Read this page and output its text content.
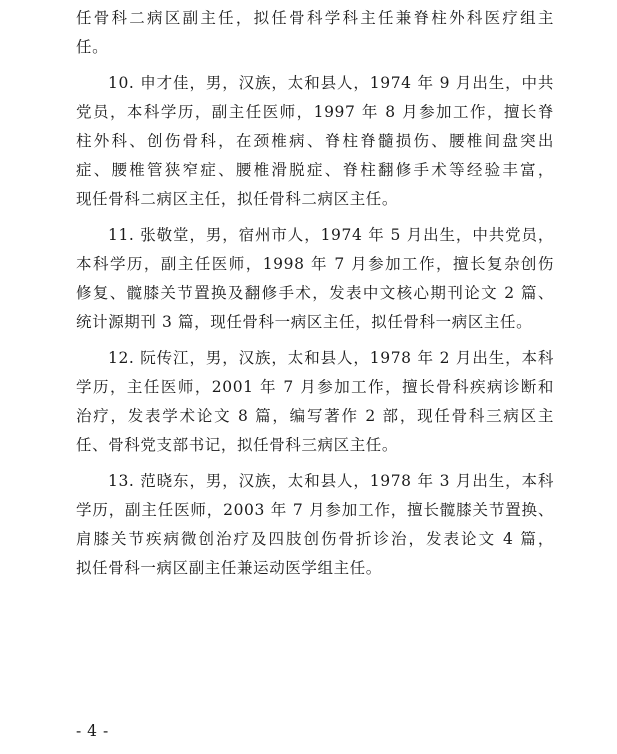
任骨科二病区副主任，拟任骨科学科主任兼脊柱外科医疗组主
任。
10. 申才佳，男，汉族，太和县人，1974 年 9 月出生，中共
党员，本科学历，副主任医师，1997 年 8 月参加工作，擅长脊
柱外科、创伤骨科，在颈椎病、脊柱脊髓损伤、腰椎间盘突出
症、腰椎管狭窄症、腰椎滑脱症、脊柱翻修手术等经验丰富，
现任骨科二病区主任，拟任骨科二病区主任。
11. 张敬堂，男，宿州市人，1974 年 5 月出生，中共党员，
本科学历，副主任医师，1998 年 7 月参加工作，擅长复杂创伤
修复、髋膝关节置换及翻修手术，发表中文核心期刊论文 2 篇、
统计源期刊 3 篇，现任骨科一病区主任，拟任骨科一病区主任。
12. 阮传江，男，汉族，太和县人，1978 年 2 月出生，本科
学历，主任医师，2001 年 7 月参加工作，擅长骨科疾病诊断和
治疗，发表学术论文 8 篇，编写著作 2 部，现任骨科三病区主
任、骨科党支部书记，拟任骨科三病区主任。
13. 范晓东，男，汉族，太和县人，1978 年 3 月出生，本科
学历，副主任医师，2003 年 7 月参加工作，擅长髋膝关节置换、
肩膝关节疾病微创治疗及四肢创伤骨折诊治，发表论文 4 篇，
拟任骨科一病区副主任兼运动医学组主任。
- 4 -
